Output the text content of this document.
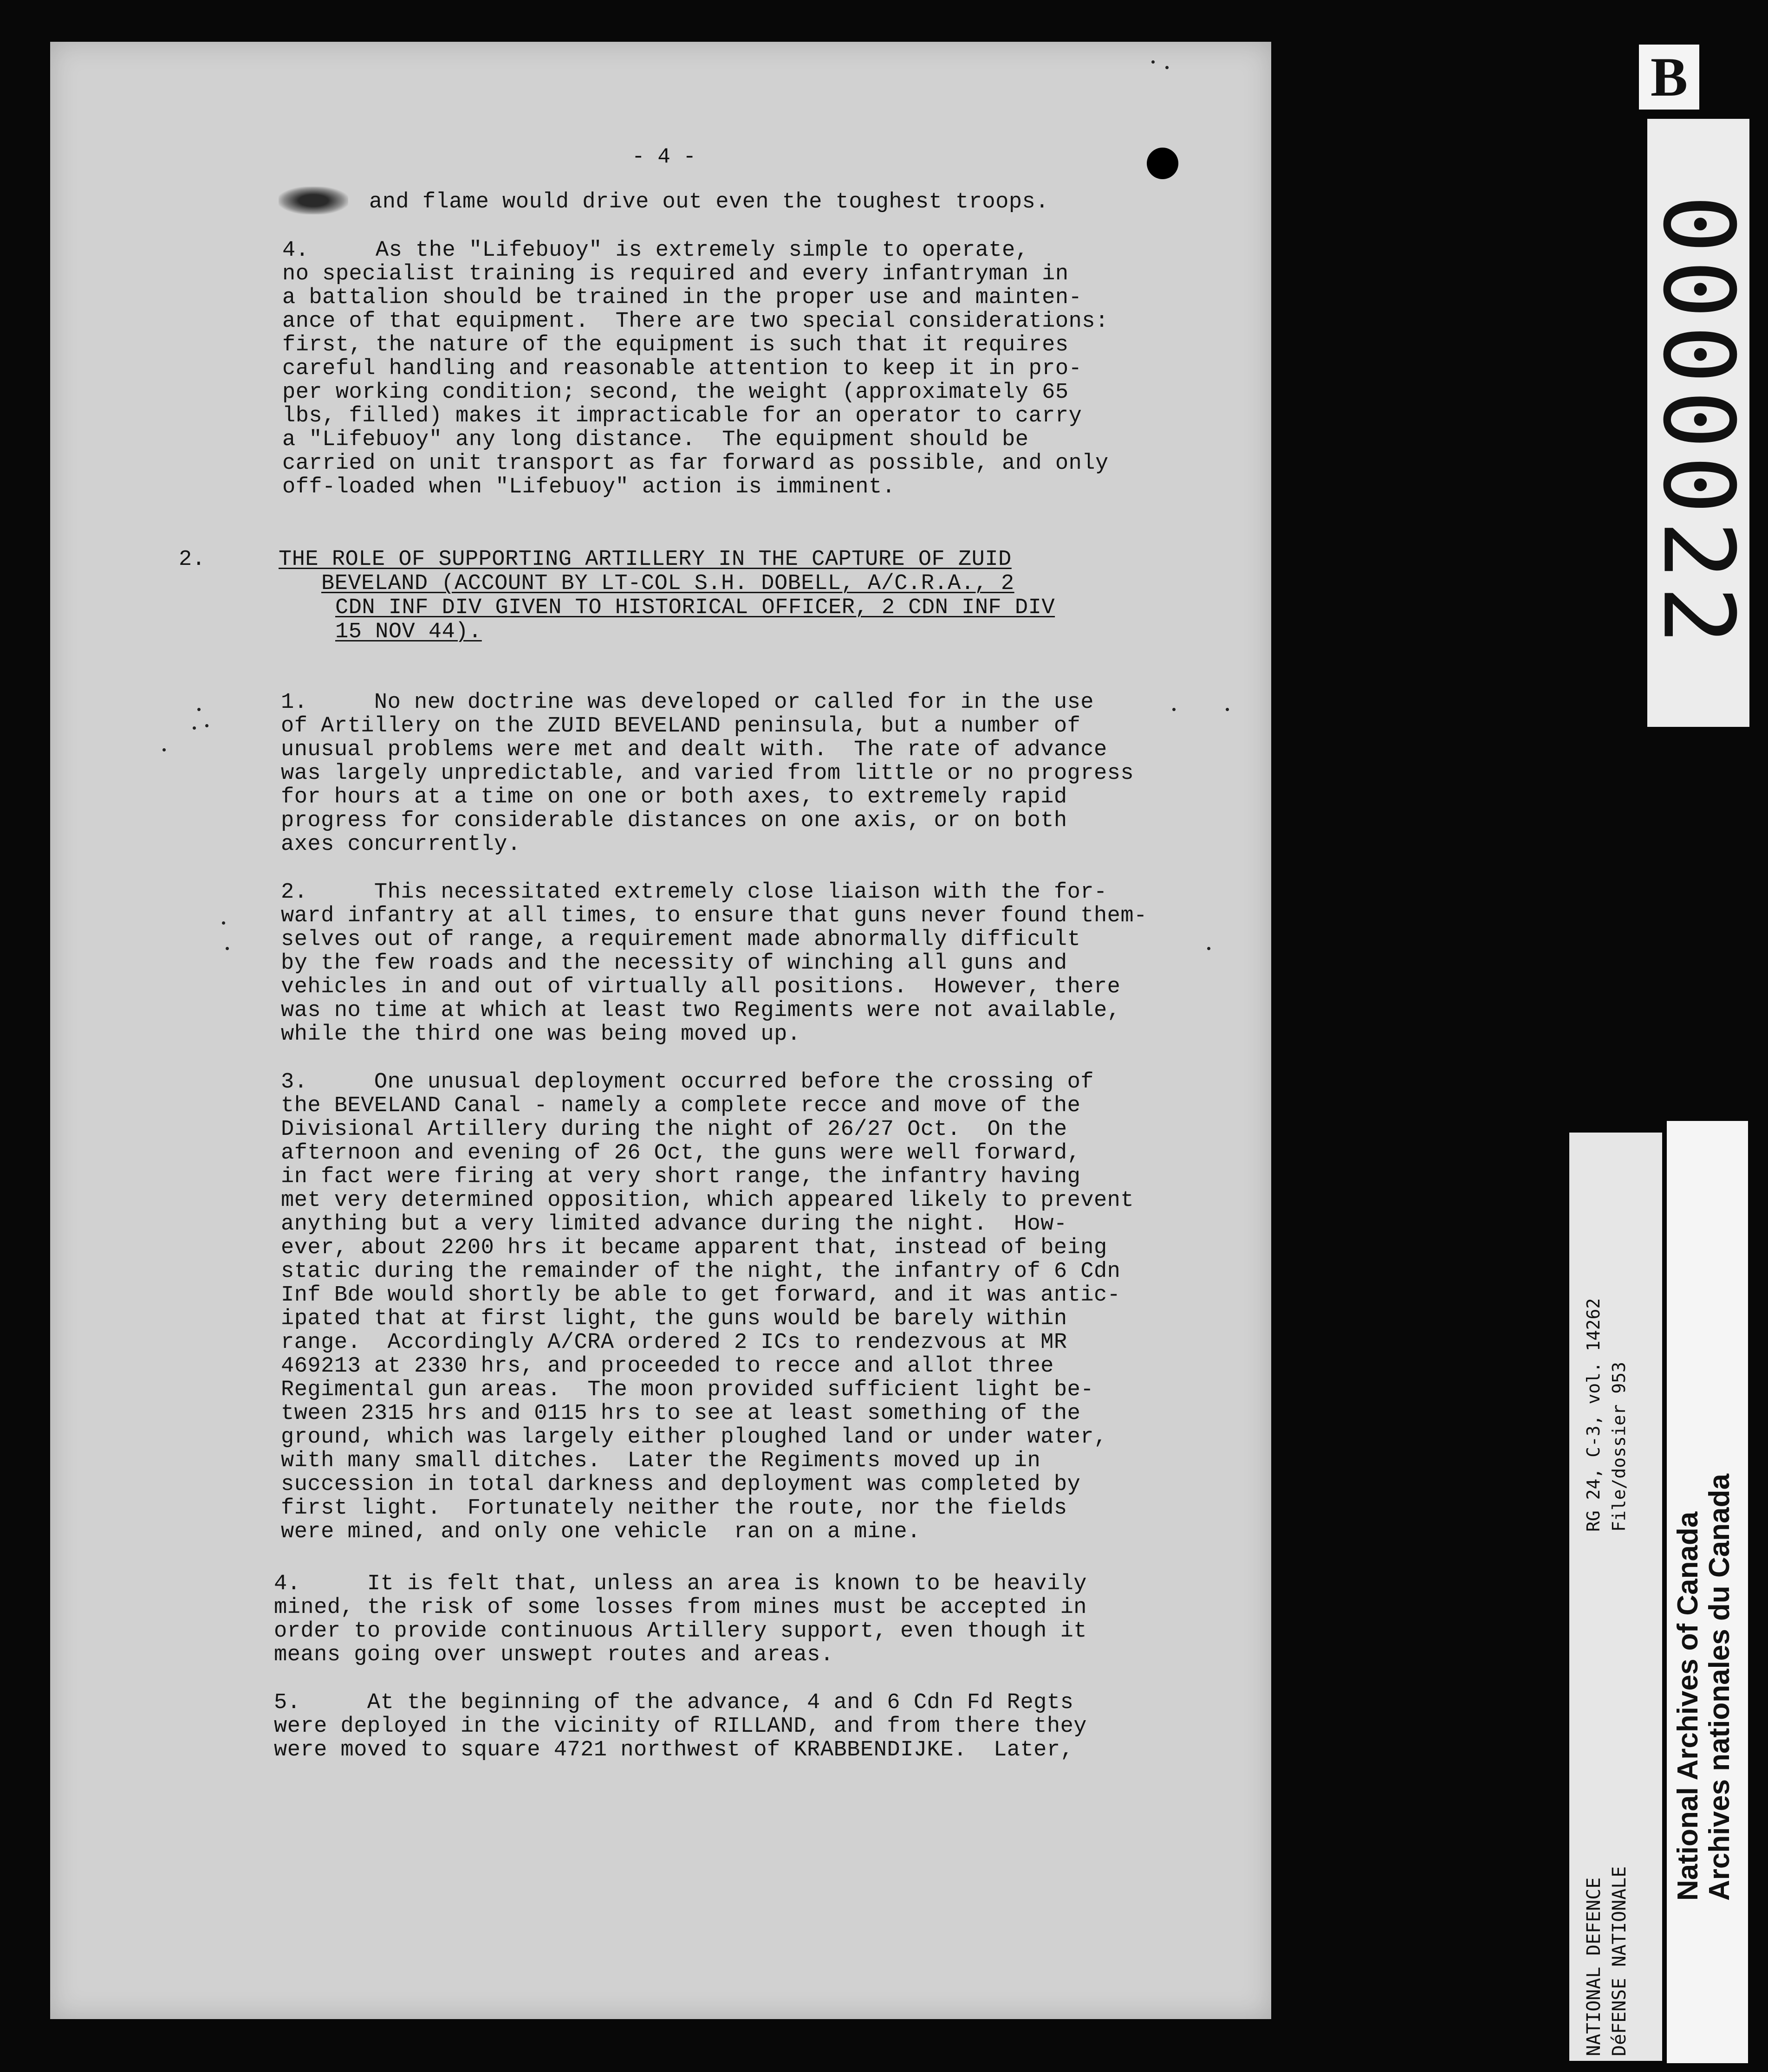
- 4 -

and flame would drive out even the toughest troops.

4.     As the "Lifebuoy" is extremely simple to operate,

no specialist training is required and every infantryman in

a battalion should be trained in the proper use and mainten-

ance of that equipment.  There are two special considerations:

first, the nature of the equipment is such that it requires

careful handling and reasonable attention to keep it in pro-

per working condition; second, the weight (approximately 65

lbs, filled) makes it impracticable for an operator to carry

a "Lifebuoy" any long distance.  The equipment should be

carried on unit transport as far forward as possible, and only

off-loaded when "Lifebuoy" action is imminent.

2.	THE ROLE OF SUPPORTING ARTILLERY IN THE CAPTURE OF ZUID

BEVELAND (ACCOUNT BY LT-COL S.H. DOBELL, A/C.R.A., 2

CDN INF DIV GIVEN TO HISTORICAL OFFICER, 2 CDN INF DIV

15 NOV 44).

1.     No new doctrine was developed or called for in the use

of Artillery on the ZUID BEVELAND peninsula, but a number of

unusual problems were met and dealt with.  The rate of advance

was largely unpredictable, and varied from little or no progress

for hours at a time on one or both axes, to extremely rapid

progress for considerable distances on one axis, or on both

axes concurrently.

2.     This necessitated extremely close liaison with the for-

ward infantry at all times, to ensure that guns never found them-

selves out of range, a requirement made abnormally difficult

by the few roads and the necessity of winching all guns and

vehicles in and out of virtually all positions.  However, there

was no time at which at least two Regiments were not available,

while the third one was being moved up.

3.     One unusual deployment occurred before the crossing of

the BEVELAND Canal - namely a complete recce and move of the

Divisional Artillery during the night of 26/27 Oct.  On the

afternoon and evening of 26 Oct, the guns were well forward,

in fact were firing at very short range, the infantry having

met very determined opposition, which appeared likely to prevent

anything but a very limited advance during the night.  How-

ever, about 2200 hrs it became apparent that, instead of being

static during the remainder of the night, the infantry of 6 Cdn

Inf Bde would shortly be able to get forward, and it was antic-

ipated that at first light, the guns would be barely within

range.  Accordingly A/CRA ordered 2 ICs to rendezvous at MR

469213 at 2330 hrs, and proceeded to recce and allot three

Regimental gun areas.  The moon provided sufficient light be-

tween 2315 hrs and 0115 hrs to see at least something of the

ground, which was largely either ploughed land or under water,

with many small ditches.  Later the Regiments moved up in

succession in total darkness and deployment was completed by

first light.  Fortunately neither the route, nor the fields

were mined, and only one vehicle  ran on a mine.

4.     It is felt that, unless an area is known to be heavily

mined, the risk of some losses from mines must be accepted in

order to provide continuous Artillery support, even though it

means going over unswept routes and areas.

5.     At the beginning of the advance, 4 and 6 Cdn Fd Regts

were deployed in the vicinity of RILLAND, and from there they

were moved to square 4721 northwest of KRABBENDIJKE.  Later,

B
0000022
RG 24, C-3, vol. 14262 File/dossier 953
NATIONAL DEFENCE DéFENSE NATIONALE
National Archives of Canada Archives nationales du Canada
